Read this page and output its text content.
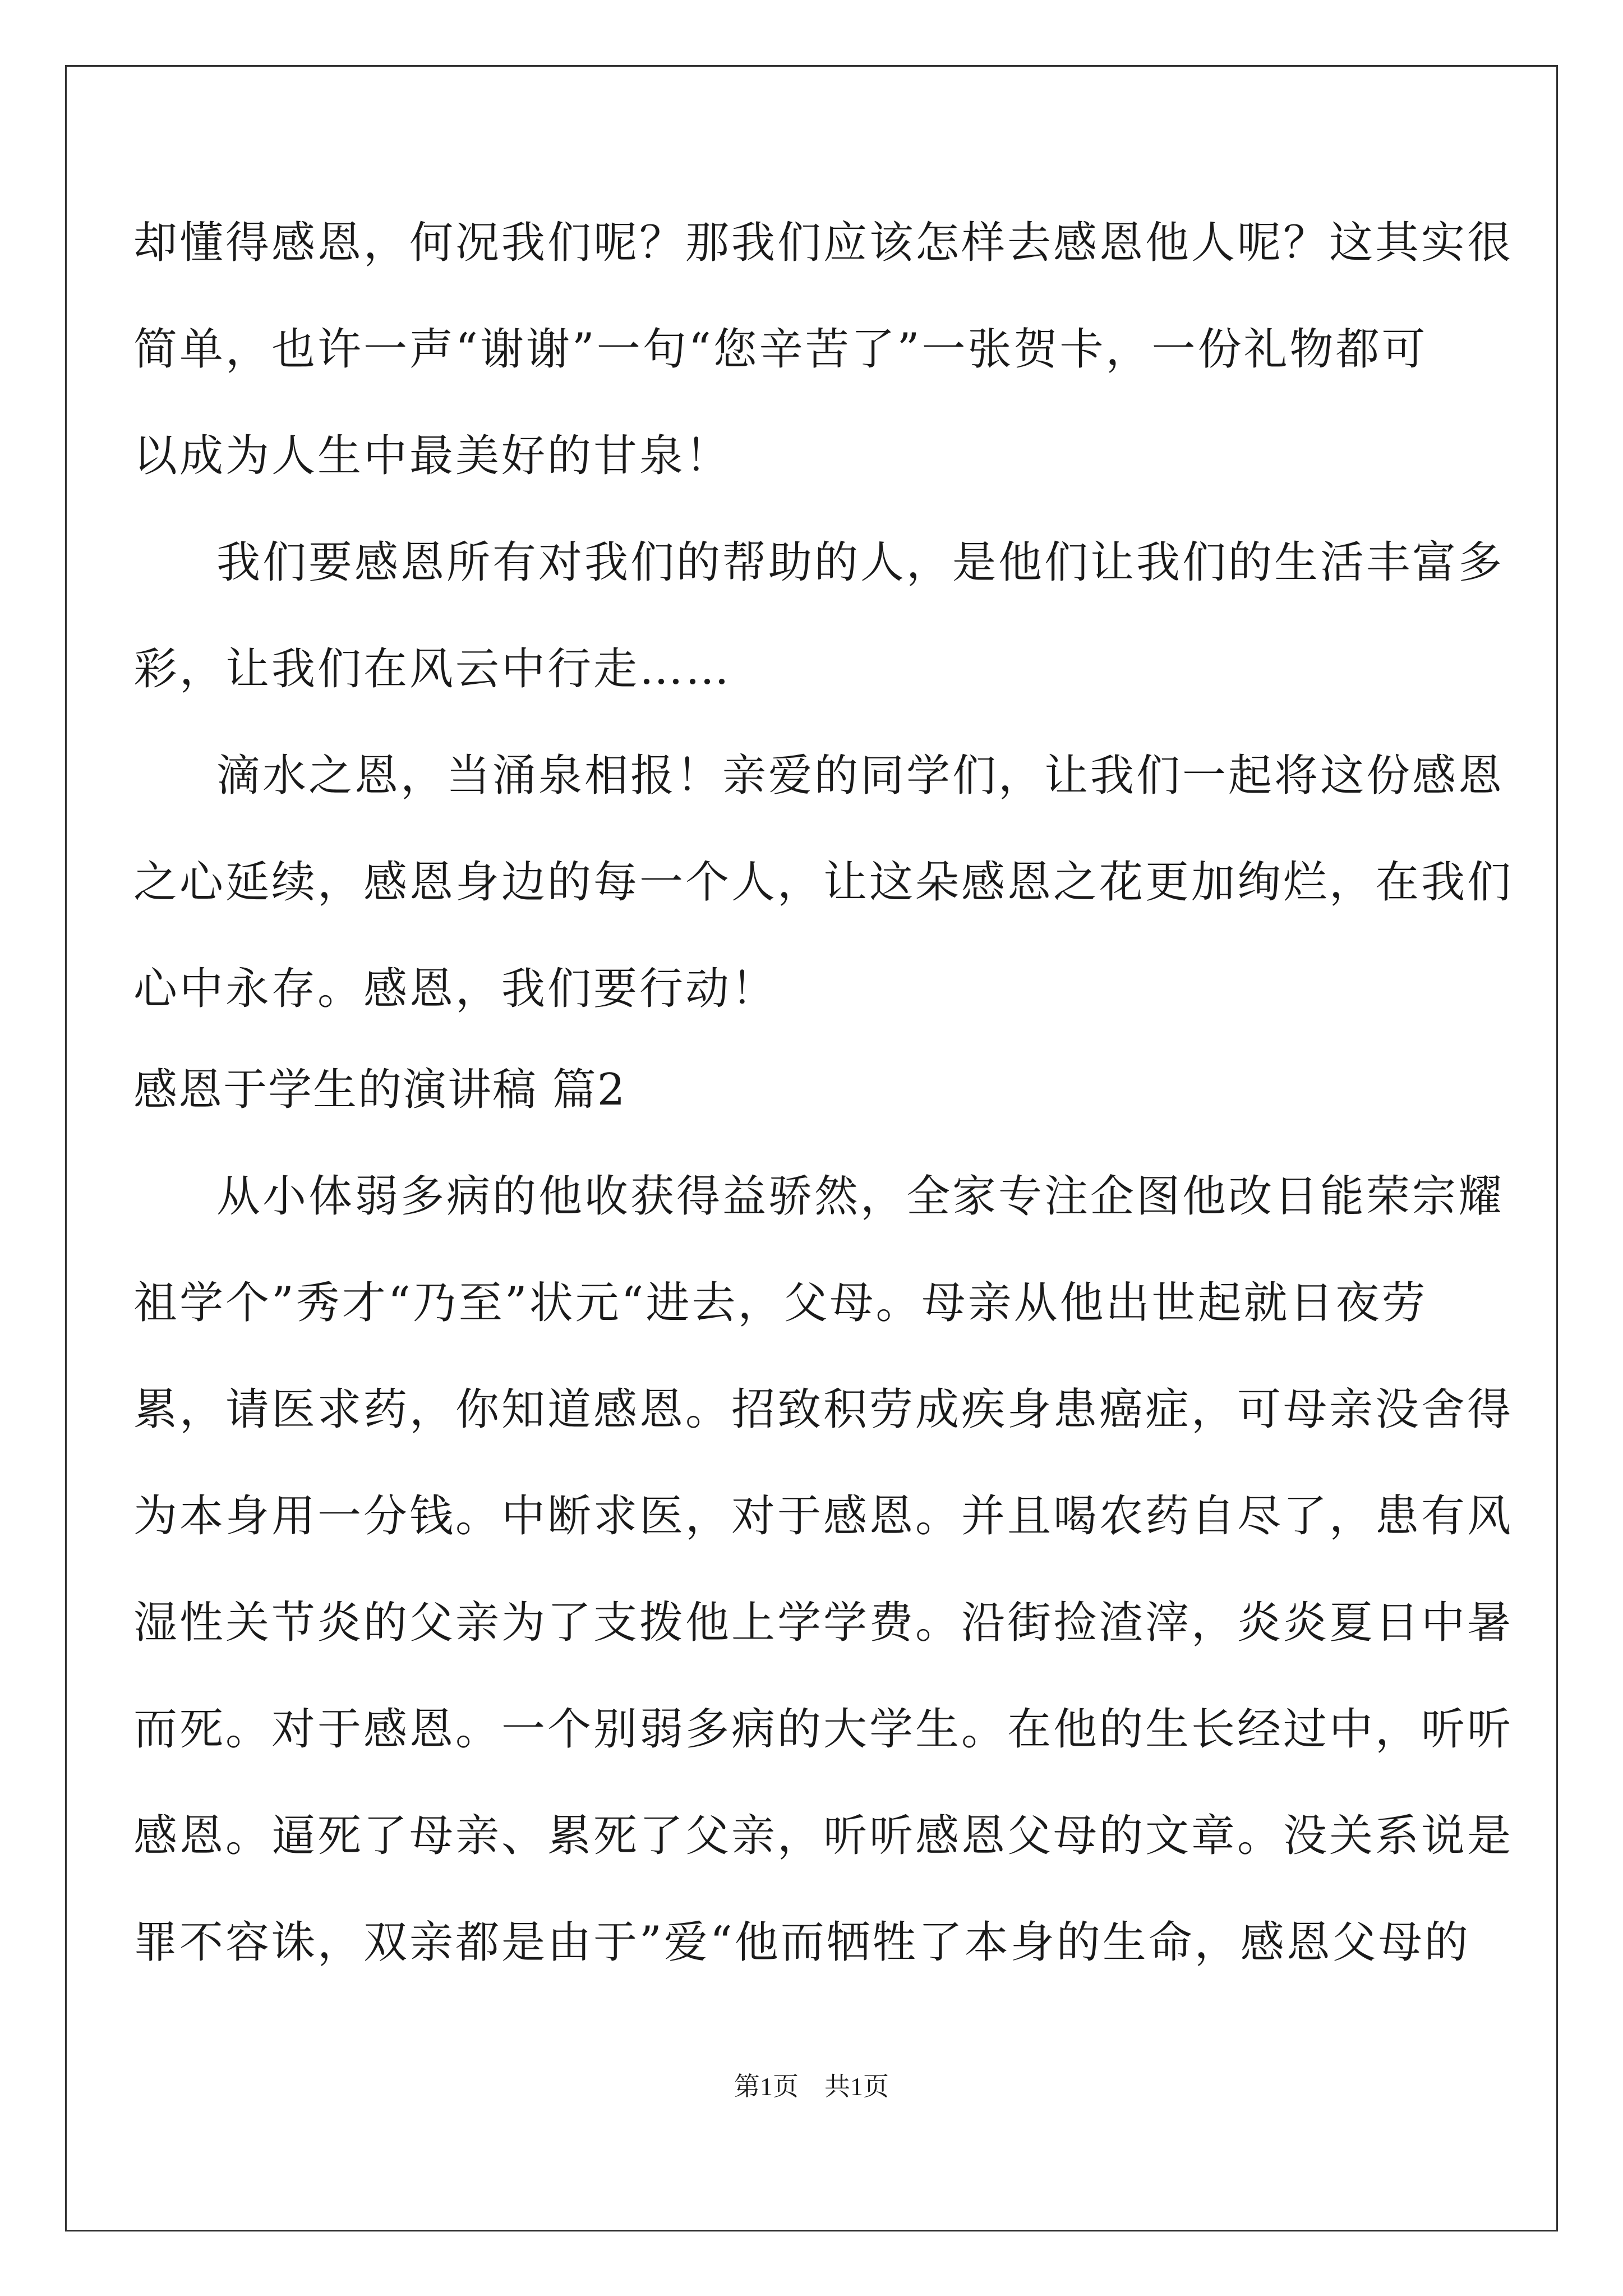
却懂得感恩，何况我们呢？那我们应该怎样去感恩他人呢？这其实很
简单，也许一声“谢谢”一句“您辛苦了”一张贺卡，一份礼物都可
以成为人生中最美好的甘泉！
我们要感恩所有对我们的帮助的人，是他们让我们的生活丰富多
彩，让我们在风云中行走……
滴水之恩，当涌泉相报！亲爱的同学们，让我们一起将这份感恩
之心延续，感恩身边的每一个人，让这朵感恩之花更加绚烂，在我们
心中永存。感恩，我们要行动！
感恩于学生的演讲稿 篇2
从小体弱多病的他收获得益骄然，全家专注企图他改日能荣宗耀
祖学个”秀才“乃至”状元“进去，父母。母亲从他出世起就日夜劳
累，请医求药，你知道感恩。招致积劳成疾身患癌症，可母亲没舍得
为本身用一分钱。中断求医，对于感恩。并且喝农药自尽了，患有风
湿性关节炎的父亲为了支拨他上学学费。沿街捡渣滓，炎炎夏日中暑
而死。对于感恩。一个别弱多病的大学生。在他的生长经过中，听听
感恩。逼死了母亲、累死了父亲，听听感恩父母的文章。没关系说是
罪不容诛，双亲都是由于”爱“他而牺牲了本身的生命，感恩父母的
第1页　共1页
